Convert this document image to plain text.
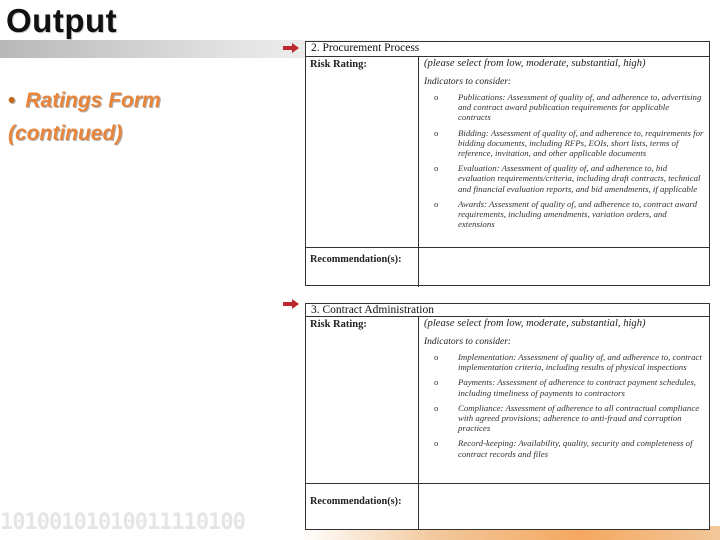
Output
• Ratings Form
(continued)
10100101010011110100
2. Procurement Process
Risk Rating:	(please select from low, moderate, substantial, high)
Indicators to consider:
o	Publications: Assessment of quality of, and adherence to, advertising and contract award publication requirements for applicable contracts
o	Bidding: Assessment of quality of, and adherence to, requirements for bidding documents, including RFPs, EOIs, short lists, terms of reference, invitation, and other applicable documents
o	Evaluation: Assessment of quality of, and adherence to, bid evaluation requirements/criteria, including draft contracts, technical and financial evaluation reports, and bid amendments, if applicable
o	Awards: Assessment of quality of, and adherence to, contract award requirements, including amendments, variation orders, and extensions
Recommendation(s):
3. Contract Administration
Risk Rating:	(please select from low, moderate, substantial, high)
Indicators to consider:
o	Implementation: Assessment of quality of, and adherence to, contract implementation criteria, including results of physical inspections
o	Payments: Assessment of adherence to contract payment schedules, including timeliness of payments to contractors
o	Compliance: Assessment of adherence to all contractual compliance with agreed provisions; adherence to anti-fraud and corruption practices
o	Record-keeping: Availability, quality, security and completeness of contract records and files
Recommendation(s):
